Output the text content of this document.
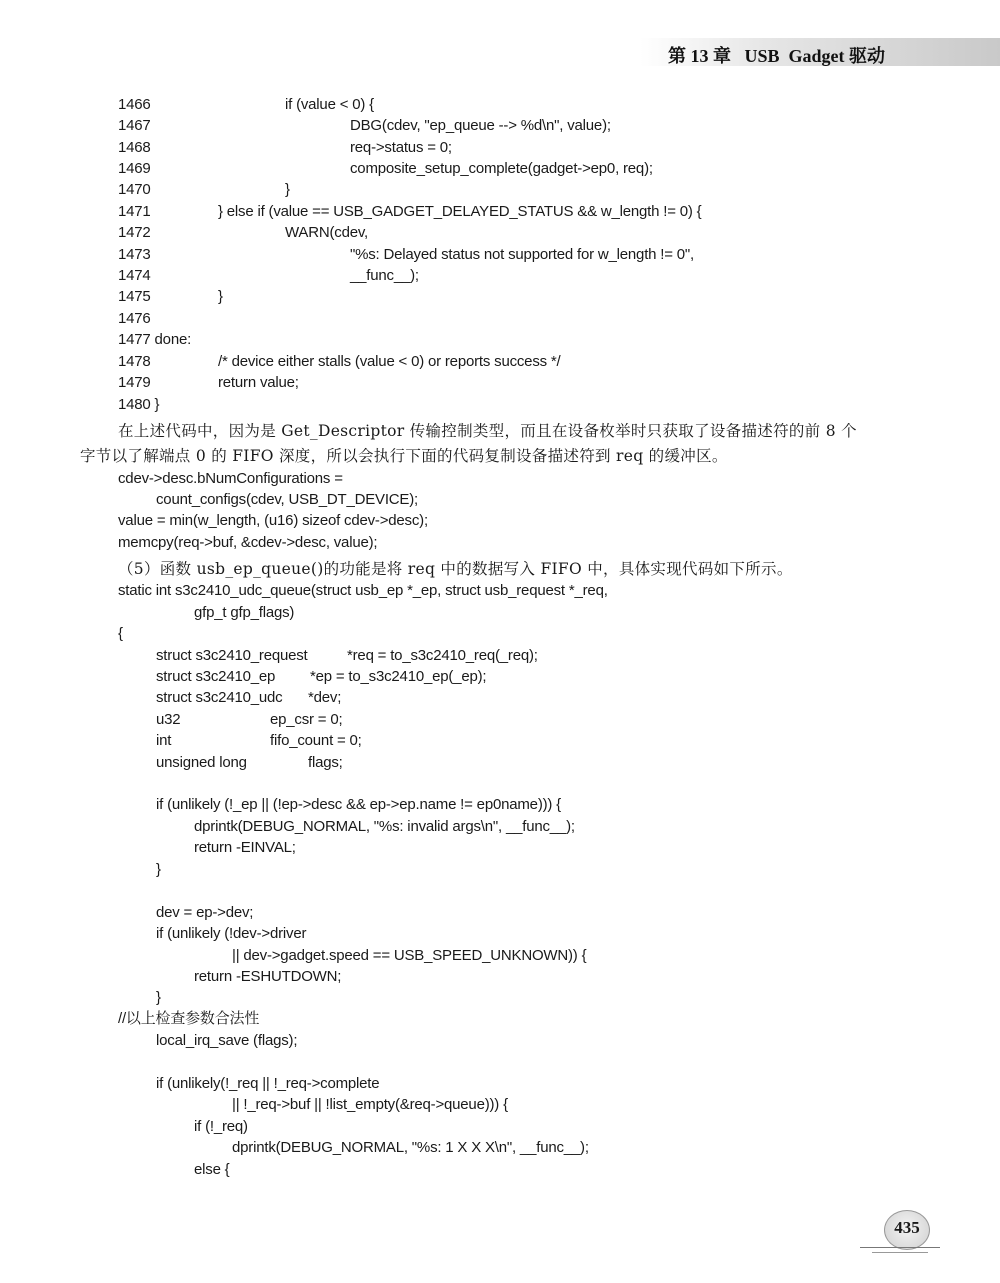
第 13 章   USB  Gadget 驱动
1466	if (value < 0) {
1467	DBG(cdev, "ep_queue --> %d\n", value);
1468	req->status = 0;
1469	composite_setup_complete(gadget->ep0, req);
1470	}
1471	} else if (value == USB_GADGET_DELAYED_STATUS && w_length != 0) {
1472	WARN(cdev,
1473	"%s: Delayed status not supported for w_length != 0",
1474	__func__);
1475	}
1476
1477 done:
1478	/* device either stalls (value < 0) or reports success */
1479	return value;
1480 }
在上述代码中，因为是 Get_Descriptor 传输控制类型，而且在设备枚举时只获取了设备描述符的前 8 个
字节以了解端点 0 的 FIFO 深度，所以会执行下面的代码复制设备描述符到 req 的缓冲区。
cdev->desc.bNumConfigurations =
count_configs(cdev, USB_DT_DEVICE);
value = min(w_length, (u16) sizeof cdev->desc);
memcpy(req->buf, &cdev->desc, value);
（5）函数 usb_ep_queue()的功能是将 req 中的数据写入 FIFO 中，具体实现代码如下所示。
static int s3c2410_udc_queue(struct usb_ep *_ep, struct usb_request *_req,
gfp_t gfp_flags)
{
struct s3c2410_request	*req = to_s3c2410_req(_req);
struct s3c2410_ep *ep = to_s3c2410_ep(_ep);
struct s3c2410_udc *dev;
u32	ep_csr = 0;
int	fifo_count = 0;
unsigned long	flags;
if (unlikely (!_ep || (!ep->desc && ep->ep.name != ep0name))) {
dprintk(DEBUG_NORMAL, "%s: invalid args\n", __func__);
return -EINVAL;
}
dev = ep->dev;
if (unlikely (!dev->driver
|| dev->gadget.speed == USB_SPEED_UNKNOWN)) {
return -ESHUTDOWN;
}
//以上检查参数合法性
local_irq_save (flags);
if (unlikely(!_req || !_req->complete
|| !_req->buf || !list_empty(&req->queue))) {
if (!_req)
dprintk(DEBUG_NORMAL, "%s: 1 X X X\n", __func__);
else {
435
